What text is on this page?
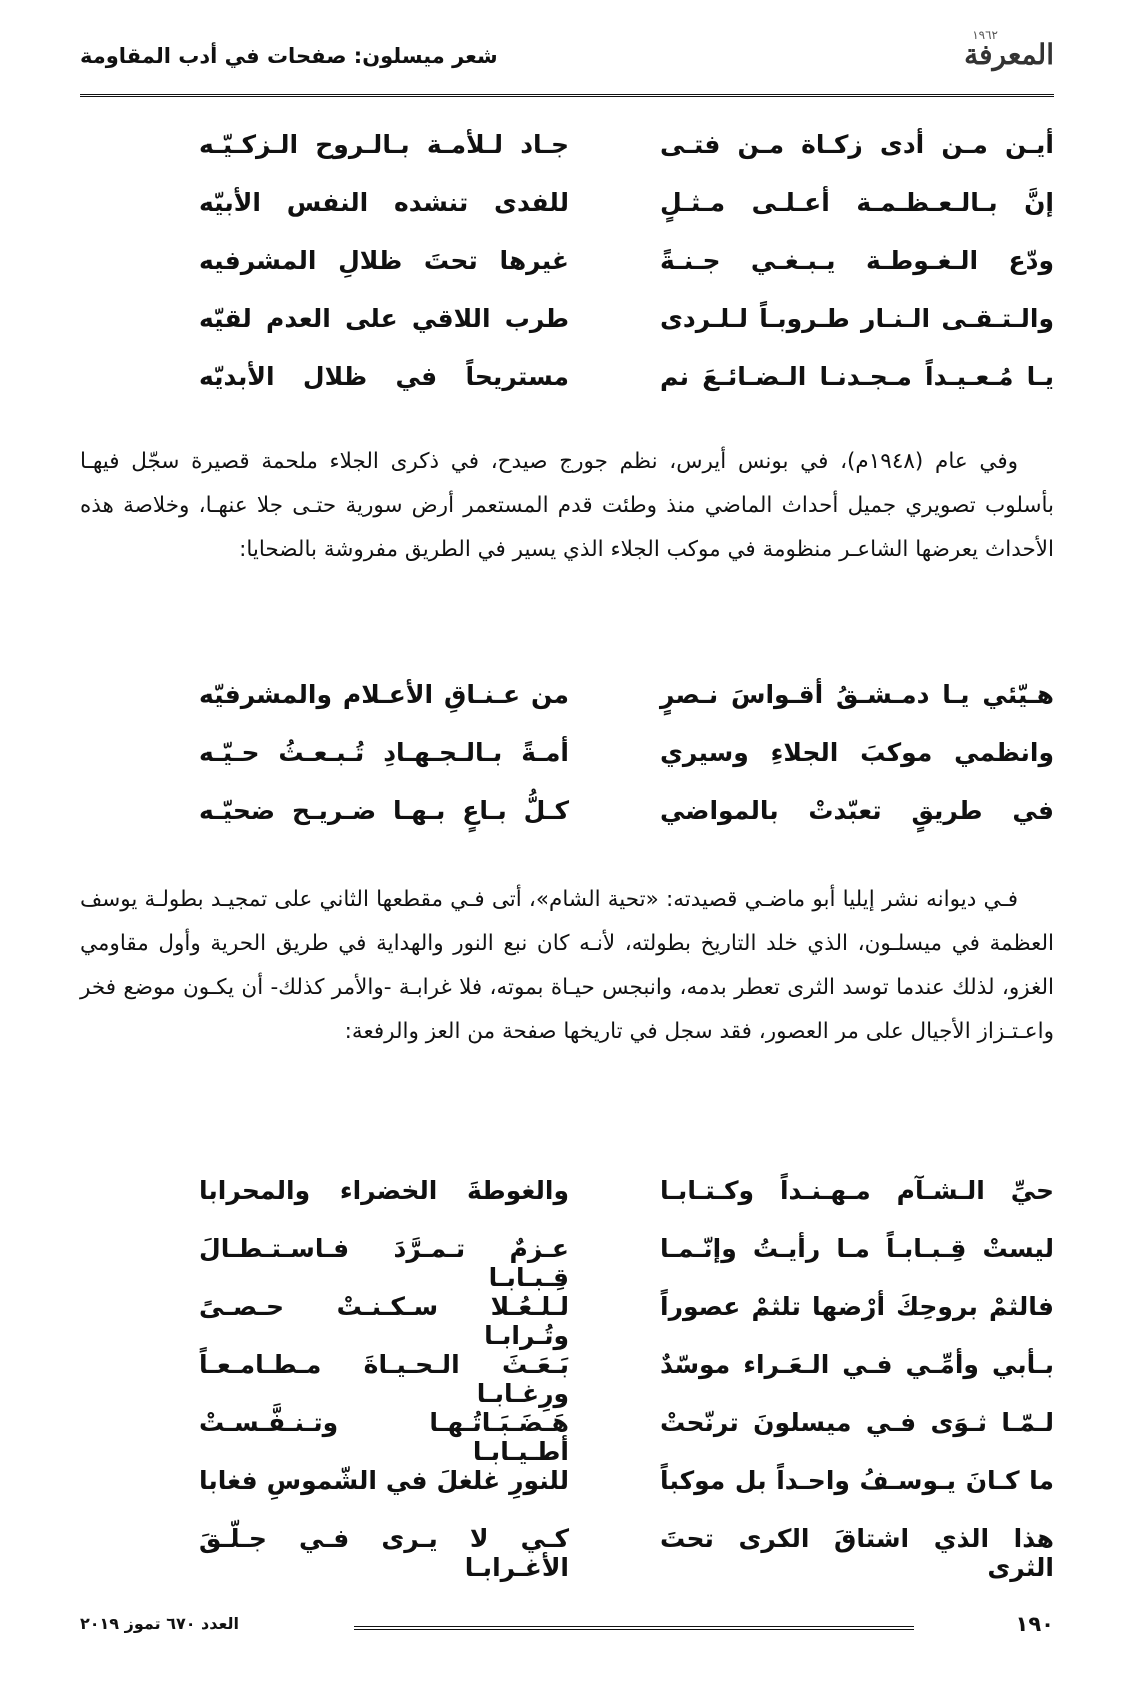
المعرفة
١٩٦٢
شعر ميسلون: صفحات في أدب المقاومة
أيـن مـن أدى زكـاة مـن فتـى
جـاد لـلأمـة بـالـروح الـزكـيّـه
إنَّ بـالـعـظـمـة أعـلـى مـثـلٍ
للفدى تنشده النفس الأبيّه
ودّع الـغـوطـة يـبـغـي جـنـةً
غيرها تحتَ ظلالِ المشرفيه
والـتـقـى الـنـار طـروبـاً لـلـردى
طرب اللاقي على العدم لقيّه
يـا مُـعـيـداً مـجـدنـا الـضـائـعَ نم
مستريحاً في ظلال الأبديّه

وفي عام (١٩٤٨م)، في بونس أيرس، نظم جورج صيدح، في ذكرى الجلاء ملحمة قصيرة سجّل فيهـا بأسلوب تصويري جميل أحداث الماضي منذ وطئت قدم المستعمر أرض سورية حتـى جلا عنهـا، وخلاصة هذه الأحداث يعرضها الشاعـر منظومة في موكب الجلاء الذي يسير في الطريق مفروشة بالضحايا:

هـيّئي يـا دمـشـقُ أقـواسَ نـصرٍ
من عـنـاقِ الأعـلام والمشرفيّه
وانظمي موكبَ الجلاءِ وسيري
أمـةً بـالـجـهـادِ تُـبـعـثُ حـيّـه
في طريقٍ تعبّدتْ بالمواضي
كـلُّ بـاعٍ بـهـا ضـريـح ضحيّـه

فـي ديوانه نشر إيليا أبو ماضـي قصيدته: «تحية الشام»، أتى فـي مقطعها الثاني على تمجيـد بطولـة يوسف العظمة في ميسلـون، الذي خلد التاريخ بطولته، لأنـه كان نبع النور والهداية في طريق الحرية وأول مقاومي الغزو، لذلك عندما توسد الثرى تعطر بدمه، وانبجس حيـاة بموته، فلا غرابـة -والأمر كذلك- أن يكـون موضع فخر واعـتـزاز الأجيال على مر العصور، فقد سجل في تاريخها صفحة من العز والرفعة:

حيِّ الـشـآم مـهـنـداً وكـتـابـا
والغوطةَ الخضراء والمحرابا
ليستْ قِـبـابـاً مـا رأيـتُ وإنّـمـا
عـزمٌ تـمـرَّدَ فـاسـتـطـالَ قِـبـابـا
فالثمْ بروحِكَ أرْضها تلثمْ عصوراً
لـلـعُـلا سـكـنـتْ حـصـىً وتُـرابـا
بـأبي وأمِّـي فـي الـعَـراء موسّدٌ
بَـعَـثَ الـحـيـاةَ مـطـامـعـاً ورِغـابـا
لـمّـا ثـوَى فـي ميسلونَ ترنّحتْ
هَـضَـبَـاتُـهـا وتـنـفَّـسـتْ أطـيـابـا
ما كـانَ يـوسـفُ واحـداً بل موكباً
للنورِ غلغلَ في الشّموسِ فغابا
هذا الذي اشتاقَ الكرى تحتَ الثرى
كـي لا يـرى فـي جـلّـقَ الأغـرابـا
١٩٠
العدد ٦٧٠ تموز ٢٠١٩
